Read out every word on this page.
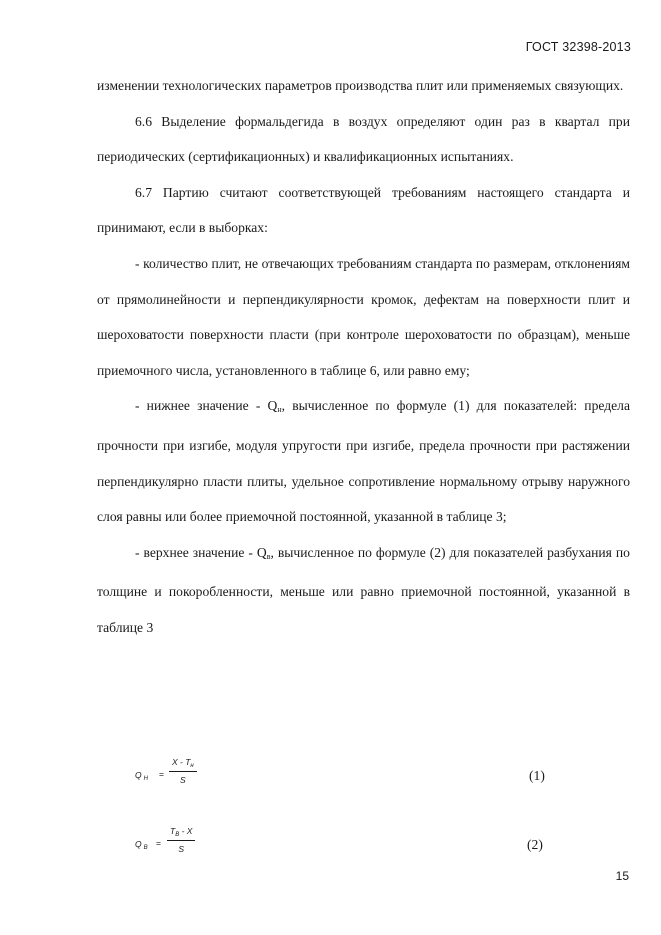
ГОСТ 32398-2013

изменении технологических параметров производства плит или применяемых связующих.

6.6 Выделение формальдегида в воздух определяют один раз в квартал при периодических (сертификационных) и квалификационных испытаниях.

6.7 Партию считают соответствующей требованиям настоящего стандарта и принимают, если в выборках:

- количество плит, не отвечающих требованиям стандарта по размерам, отклонениям от прямолинейности и перпендикулярности кромок, дефектам на поверхности плит и шероховатости поверхности пласти (при контроле шероховатости по образцам), меньше приемочного числа, установленного в таблице 6, или равно ему;

- нижнее значение - $Q_н$, вычисленное по формуле (1) для показателей: предела прочности при изгибе, модуля упругости при изгибе, предела прочности при растяжении перпендикулярно пласти плиты, удельное сопротивление нормальному отрыву наружного слоя равны или более приемочной постоянной, указанной в таблице 3;

- верхнее значение - $Q_в$, вычисленное по формуле (2) для показателей разбухания по толщине и покоробленности, меньше или равно приемочной постоянной, указанной в таблице 3

Q $_H$ =
X - $T_н$
S	(1)
Q $_B = \frac{T_B - X}{S}$	(2)
15
